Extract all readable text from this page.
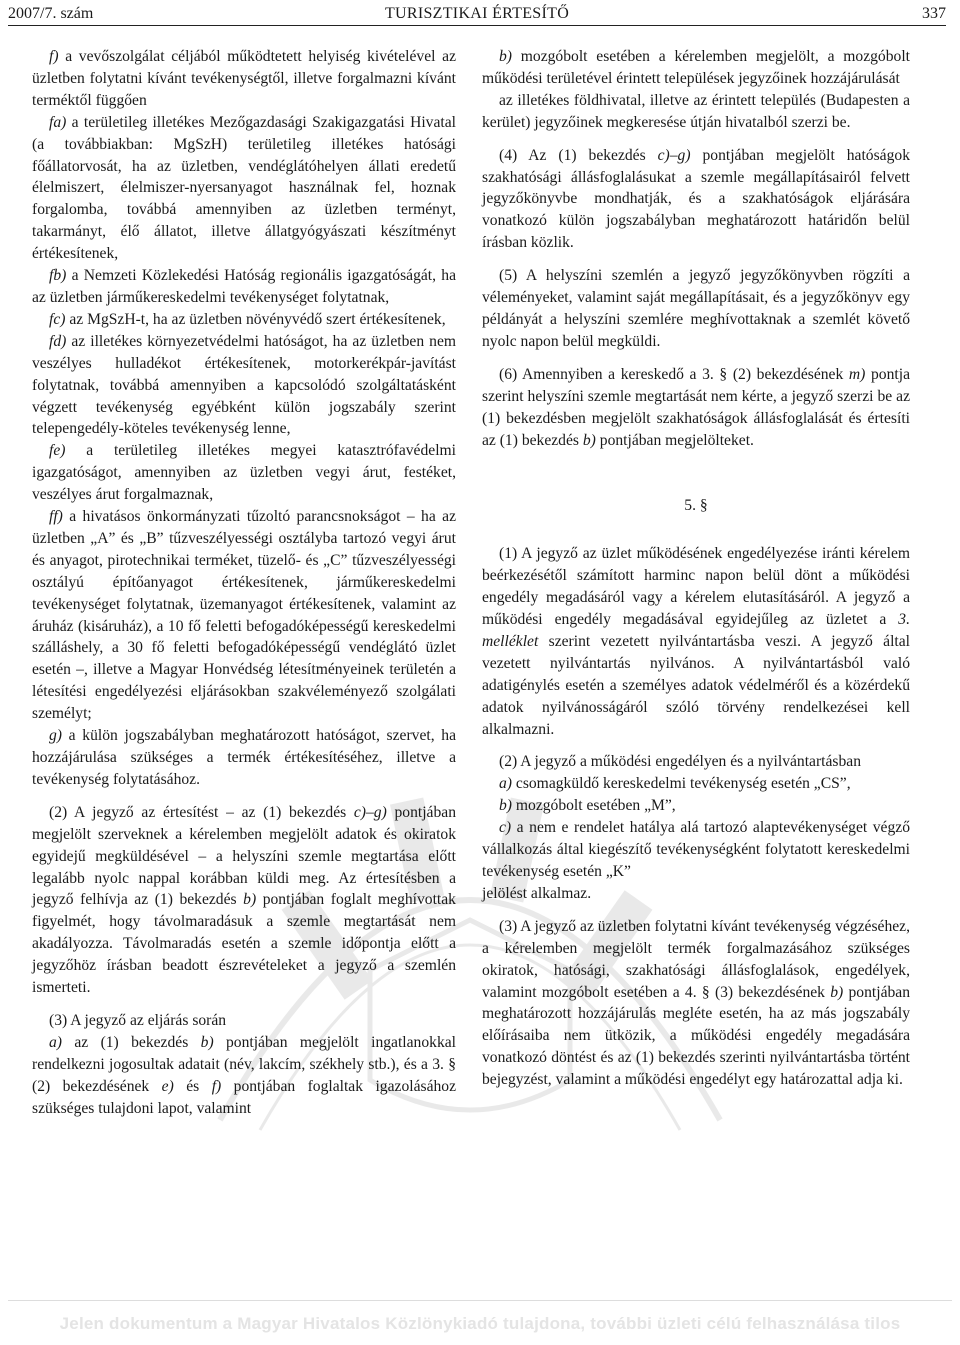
2007/7. szám	TURISZTIKAI ÉRTESÍTŐ	337

f) a vevőszolgálat céljából működtetett helyiség kivételével az üzletben folytatni kívánt tevékenységtől, illetve forgalmazni kívánt terméktől függően

fa) a területileg illetékes Mezőgazdasági Szakigazgatási Hivatal (a továbbiakban: MgSzH) területileg illetékes hatósági főállatorvosát, ha az üzletben, vendéglátóhelyen állati eredetű élelmiszert, élelmiszer-nyersanyagot használnak fel, hoznak forgalomba, továbbá amennyiben az üzletben terményt, takarmányt, élő állatot, illetve állatgyógyászati készítményt értékesítenek,

fb) a Nemzeti Közlekedési Hatóság regionális igazgatóságát, ha az üzletben járműkereskedelmi tevékenységet folytatnak,

fc) az MgSzH-t, ha az üzletben növényvédő szert értékesítenek,

fd) az illetékes környezetvédelmi hatóságot, ha az üzletben nem veszélyes hulladékot értékesítenek, motorkerékpár-javítást folytatnak, továbbá amennyiben a kapcsolódó szolgáltatásként végzett tevékenység egyébként külön jogszabály szerint telepengedély-köteles tevékenység lenne,

fe) a területileg illetékes megyei katasztrófavédelmi igazgatóságot, amennyiben az üzletben vegyi árut, festéket, veszélyes árut forgalmaznak,

ff) a hivatásos önkormányzati tűzoltó parancsnokságot – ha az üzletben „A” és „B” tűzveszélyességi osztályba tartozó vegyi árut és anyagot, pirotechnikai terméket, tüzelő- és „C” tűzveszélyességi osztályú építőanyagot értékesítenek, járműkereskedelmi tevékenységet folytatnak, üzemanyagot értékesítenek, valamint az áruház (kisáruház), a 10 fő feletti befogadóképességű kereskedelmi szálláshely, a 30 fő feletti befogadóképességű vendéglátó üzlet esetén –, illetve a Magyar Honvédség létesítményeinek területén a létesítési engedélyezési eljárásokban szakvéleményező szolgálati személyt;

g) a külön jogszabályban meghatározott hatóságot, szervet, ha hozzájárulása szükséges a termék értékesítéséhez, illetve a tevékenység folytatásához.

(2) A jegyző az értesítést – az (1) bekezdés c)–g) pontjában megjelölt szerveknek a kérelemben megjelölt adatok és okiratok egyidejű megküldésével – a helyszíni szemle megtartása előtt legalább nyolc nappal korábban küldi meg. Az értesítésben a jegyző felhívja az (1) bekezdés b) pontjában foglalt meghívottak figyelmét, hogy távolmaradásuk a szemle megtartását nem akadályozza. Távolmaradás esetén a szemle időpontja előtt a jegyzőhöz írásban beadott észrevételeket a jegyző a szemlén ismerteti.

(3) A jegyző az eljárás során

a) az (1) bekezdés b) pontjában megjelölt ingatlanokkal rendelkezni jogosultak adatait (név, lakcím, székhely stb.), és a 3. § (2) bekezdésének e) és f) pontjában foglaltak igazolásához szükséges tulajdoni lapot, valamint

b) mozgóbolt esetében a kérelemben megjelölt, a mozgóbolt működési területével érintett települések jegyzőinek hozzájárulását

az illetékes földhivatal, illetve az érintett település (Budapesten a kerület) jegyzőinek megkeresése útján hivatalból szerzi be.

(4) Az (1) bekezdés c)–g) pontjában megjelölt hatóságok szakhatósági állásfoglalásukat a szemle megállapításairól felvett jegyzőkönyvbe mondhatják, és a szakhatóságok eljárására vonatkozó külön jogszabályban meghatározott határidőn belül írásban közlik.

(5) A helyszíni szemlén a jegyző jegyzőkönyvben rögzíti a véleményeket, valamint saját megállapításait, és a jegyzőkönyv egy példányát a helyszíni szemlére meghívottaknak a szemlét követő nyolc napon belül megküldi.

(6) Amennyiben a kereskedő a 3. § (2) bekezdésének m) pontja szerint helyszíni szemle megtartását nem kérte, a jegyző szerzi be az (1) bekezdésben megjelölt szakhatóságok állásfoglalását és értesíti az (1) bekezdés b) pontjában megjelölteket.

5. §

(1) A jegyző az üzlet működésének engedélyezése iránti kérelem beérkezésétől számított harminc napon belül dönt a működési engedély megadásáról vagy a kérelem elutasításáról. A jegyző a működési engedély megadásával egyidejűleg az üzletet a 3. melléklet szerint vezetett nyilvántartásba veszi. A jegyző által vezetett nyilvántartás nyilvános. A nyilvántartásból való adatigénylés esetén a személyes adatok védelméről és a közérdekű adatok nyilvánosságáról szóló törvény rendelkezései kell alkalmazni.

(2) A jegyző a működési engedélyen és a nyilvántartásban

a) csomagküldő kereskedelmi tevékenység esetén „CS”,

b) mozgóbolt esetében „M”,

c) a nem e rendelet hatálya alá tartozó alaptevékenységet végző vállalkozás által kiegészítő tevékenységként folytatott kereskedelmi tevékenység esetén „K”

jelölést alkalmaz.

(3) A jegyző az üzletben folytatni kívánt tevékenység végzéséhez, a kérelemben megjelölt termék forgalmazásához szükséges okiratok, hatósági, szakhatósági állásfoglalások, engedélyek, valamint mozgóbolt esetében a 4. § (3) bekezdésének b) pontjában meghatározott hozzájárulás megléte esetén, ha az más jogszabály előírásaiba nem ütközik, a működési engedély megadására vonatkozó döntést és az (1) bekezdés szerinti nyilvántartásba történt bejegyzést, valamint a működési engedélyt egy határozattal adja ki.

Jelen dokumentum a Magyar Hivatalos Közlönykiadó tulajdona, további üzleti célú felhasználása tilos
